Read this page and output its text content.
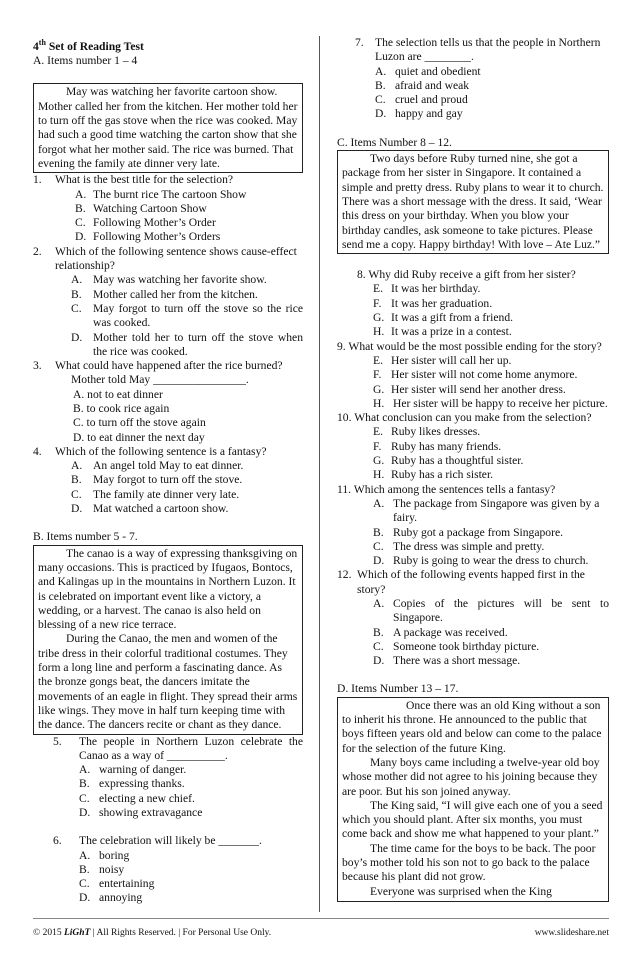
4th Set of Reading Test
A. Items number 1 – 4

May was watching her favorite cartoon show. Mother called her from the kitchen. Her mother told her to turn off the gas stove when the rice was cooked. May had such a good time watching the carton show that she forgot what her mother said. The rice was burned. That evening the family ate dinner very late.

1. What is the best title for the selection?
A. The burnt rice The cartoon Show
B. Watching Cartoon Show
C. Following Mother’s Order
D. Following Mother’s Orders
2. Which of the following sentence shows cause-effect relationship?
A. May was watching her favorite show.
B. Mother called her from the kitchen.
C. May forgot to turn off the stove so the rice was cooked.
D. Mother told her to turn off the stove when the rice was cooked.
3. What could have happened after the rice burned?
Mother told May ________________.
A. not to eat dinner
B. to cook rice again
C. to turn off the stove again
D. to eat dinner the next day
4. Which of the following sentence is a fantasy?
A. An angel told May to eat dinner.
B. May forgot to turn off the stove.
C. The family ate dinner very late.
D. Mat watched a cartoon show.
B. Items number 5 - 7.

The canao is a way of expressing thanksgiving on many occasions. This is practiced by Ifugaos, Bontocs, and Kalingas up in the mountains in Northern Luzon. It is celebrated on important event like a victory, a wedding, or a harvest. The canao is also held on blessing of a new rice terrace.

During the Canao, the men and women of the tribe dress in their colorful traditional costumes. They form a long line and perform a fascinating dance. As the bronze gongs beat, the dancers imitate the movements of an eagle in flight. They spread their arms like wings. They move in half turn keeping time with the dance. The dancers recite or chant as they dance.

5. The people in Northern Luzon celebrate the Canao as a way of __________.
A. warning of danger.
B. expressing thanks.
C. electing a new chief.
D. showing extravagance
6. The celebration will likely be _______.
A. boring
B. noisy
C. entertaining
D. annoying
7. The selection tells us that the people in Northern Luzon are ________.
A. quiet and obedient
B. afraid and weak
C. cruel and proud
D. happy and gay
C. Items Number 8 – 12.

Two days before Ruby turned nine, she got a package from her sister in Singapore. It contained a simple and pretty dress. Ruby plans to wear it to church. There was a short message with the dress. It said, ‘Wear this dress on your birthday. When you blow your birthday candles, ask someone to take pictures. Please send me a copy. Happy birthday! With love – Ate Luz.”

8. Why did Ruby receive a gift from her sister?
E. It was her birthday.
F. It was her graduation.
G. It was a gift from a friend.
H. It was a prize in a contest.
9. What would be the most possible ending for the story?
E. Her sister will call her up.
F. Her sister will not come home anymore.
G. Her sister will send her another dress.
H. Her sister will be happy to receive her picture.
10. What conclusion can you make from the selection?
E. Ruby likes dresses.
F. Ruby has many friends.
G. Ruby has a thoughtful sister.
H. Ruby has a rich sister.
11. Which among the sentences tells a fantasy?
A. The package from Singapore was given by a fairy.
B. Ruby got a package from Singapore.
C. The dress was simple and pretty.
D. Ruby is going to wear the dress to church.
12. Which of the following events happed first in the story?
A. Copies of the pictures will be sent to Singapore.
B. A package was received.
C. Someone took birthday picture.
D. There was a short message.
D. Items Number 13 – 17.

Once there was an old King without a son to inherit his throne. He announced to the public that boys fifteen years old and below can come to the palace for the selection of the future King.

Many boys came including a twelve-year old boy whose mother did not agree to his joining because they are poor. But his son joined anyway.

The King said, “I will give each one of you a seed which you should plant. After six months, you must come back and show me what happened to your plant.”

The time came for the boys to be back. The poor boy’s mother told his son not to go back to the palace because his plant did not grow.

Everyone was surprised when the King

© 2015 LiGhT | All Rights Reserved. | For Personal Use Only.	www.slideshare.net
